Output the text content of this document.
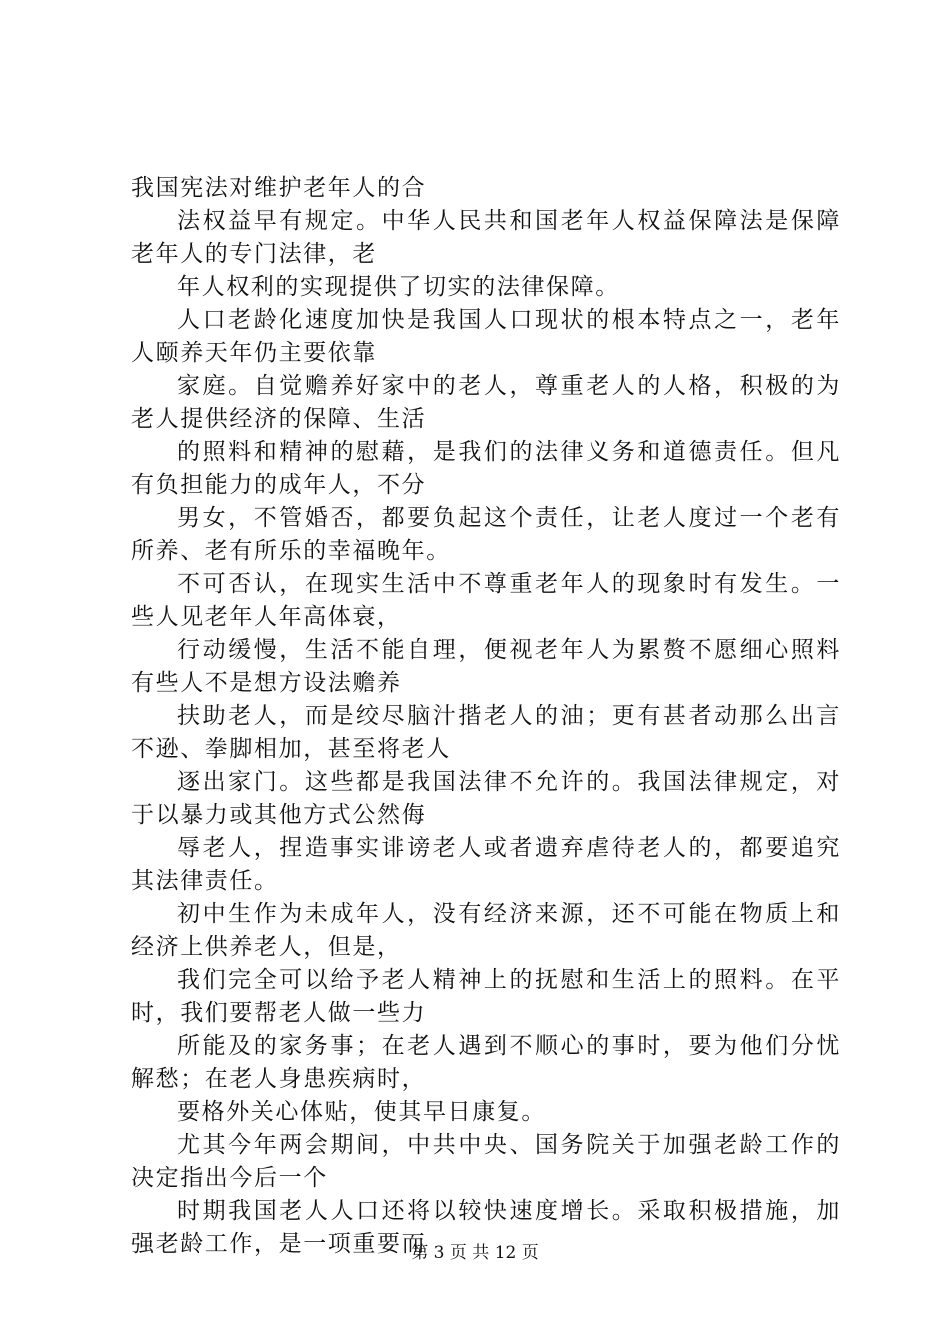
我国宪法对维护老年人的合

法权益早有规定。中华人民共和国老年人权益保障法是保障老年人的专门法律，老

年人权利的实现提供了切实的法律保障。

人口老龄化速度加快是我国人口现状的根本特点之一，老年人颐养天年仍主要依靠

家庭。自觉赡养好家中的老人，尊重老人的人格，积极的为老人提供经济的保障、生活

的照料和精神的慰藉，是我们的法律义务和道德责任。但凡有负担能力的成年人，不分

男女，不管婚否，都要负起这个责任，让老人度过一个老有所养、老有所乐的幸福晚年。

不可否认，在现实生活中不尊重老年人的现象时有发生。一些人见老年人年高体衰，

行动缓慢，生活不能自理，便视老年人为累赘不愿细心照料有些人不是想方设法赡养

扶助老人，而是绞尽脑汁揩老人的油；更有甚者动那么出言不逊、拳脚相加，甚至将老人

逐出家门。这些都是我国法律不允许的。我国法律规定，对于以暴力或其他方式公然侮

辱老人，捏造事实诽谤老人或者遗弃虐待老人的，都要追究其法律责任。

初中生作为未成年人，没有经济来源，还不可能在物质上和经济上供养老人，但是，

我们完全可以给予老人精神上的抚慰和生活上的照料。在平时，我们要帮老人做一些力

所能及的家务事；在老人遇到不顺心的事时，要为他们分忧解愁；在老人身患疾病时，

要格外关心体贴，使其早日康复。

尤其今年两会期间，中共中央、国务院关于加强老龄工作的决定指出今后一个

时期我国老人人口还将以较快速度增长。采取积极措施，加强老龄工作，是一项重要而

第 3 页 共 12 页
